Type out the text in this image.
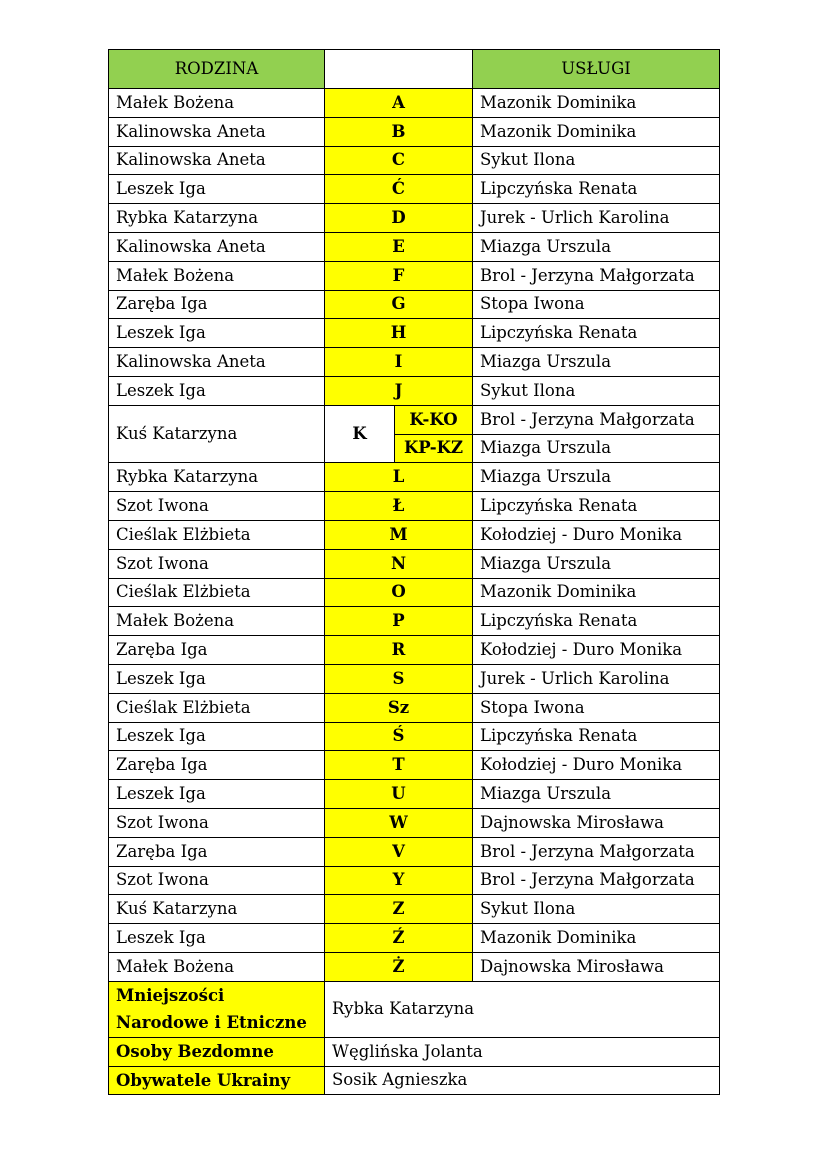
RODZINA			USŁUGI
Małek Bożena	A		Mazonik Dominika
Kalinowska Aneta	B		Mazonik Dominika
Kalinowska Aneta	C		Sykut Ilona
Leszek Iga	Ć		Lipczyńska Renata
Rybka Katarzyna	D		Jurek - Urlich Karolina
Kalinowska Aneta	E		Miazga Urszula
Małek Bożena	F		Brol - Jerzyna Małgorzata
Zaręba Iga	G		Stopa Iwona
Leszek Iga	H		Lipczyńska Renata
Kalinowska Aneta	I		Miazga Urszula
Leszek Iga	J		Sykut Ilona
Kuś Katarzyna	K	K-KO	Brol - Jerzyna Małgorzata
		KP-KZ	Miazga Urszula
Rybka Katarzyna	L		Miazga Urszula
Szot Iwona	Ł		Lipczyńska Renata
Cieślak Elżbieta	M		Kołodziej - Duro Monika
Szot Iwona	N		Miazga Urszula
Cieślak Elżbieta	O		Mazonik Dominika
Małek Bożena	P		Lipczyńska Renata
Zaręba Iga	R		Kołodziej - Duro Monika
Leszek Iga	S		Jurek - Urlich Karolina
Cieślak Elżbieta	Sz		Stopa Iwona
Leszek Iga	Ś		Lipczyńska Renata
Zaręba Iga	T		Kołodziej - Duro Monika
Leszek Iga	U		Miazga Urszula
Szot Iwona	W		Dajnowska Mirosława
Zaręba Iga	V		Brol - Jerzyna Małgorzata
Szot Iwona	Y		Brol - Jerzyna Małgorzata
Kuś Katarzyna	Z		Sykut Ilona
Leszek Iga	Ź		Mazonik Dominika
Małek Bożena	Ż		Dajnowska Mirosława
Mniejszości Narodowe i Etniczne	Rybka Katarzyna		
Osoby Bezdomne	Węglińska Jolanta		
Obywatele Ukrainy	Sosik Agnieszka		
